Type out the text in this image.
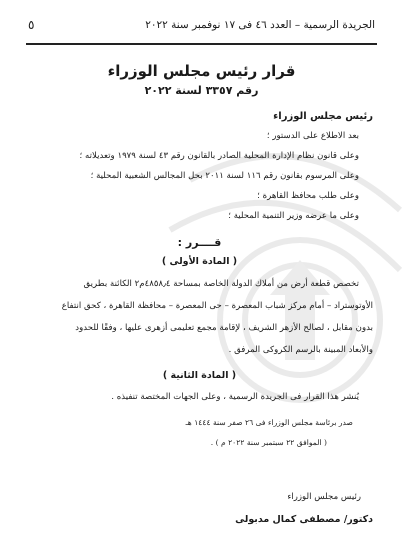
الجريدة الرسمية – العدد ٤٦ فى ١٧ نوفمبر سنة ٢٠٢٢
٥
قرار رئيس مجلس الوزراء
رقم ٣٣٥٧ لسنة ٢٠٢٢
رئيس مجلس الوزراء
بعد الاطلاع على الدستور ؛
وعلى قانون نظام الإدارة المحلية الصادر بالقانون رقم ٤٣ لسنة ١٩٧٩ وتعديلاته ؛
وعلى المرسوم بقانون رقم ١١٦ لسنة ٢٠١١ بحل المجالس الشعبية المحلية ؛
وعلى طلب محافظ القاهرة ؛
وعلى ما عرضه وزير التنمية المحلية ؛
قــــرر :
( المادة الأولى )
تخصص قطعة أرض من أملاك الدولة الخاصة بمساحة ٤٨٥٨٫٤م٢ الكائنة بطريق
الأوتوستراد – أمام مركز شباب المعصرة – حى المعصرة – محافظة القاهرة ، كحق انتفاع
بدون مقابل ، لصالح الأزهر الشريف ، لإقامة مجمع تعليمى أزهرى عليها ، وفقًا للحدود
والأبعاد المبينة بالرسم الكروكى المرفق .
( المادة الثانية )
يُنشر هذا القرار فى الجريدة الرسمية ، وعلى الجهات المختصة تنفيذه .
صدر برئاسة مجلس الوزراء فى ٢٦ صفر سنة ١٤٤٤ هـ
( الموافق ٢٢ سبتمبر سنة ٢٠٢٢ م ) .
رئيس مجلس الوزراء
دكتور/ مصطفى كمال مدبولى
